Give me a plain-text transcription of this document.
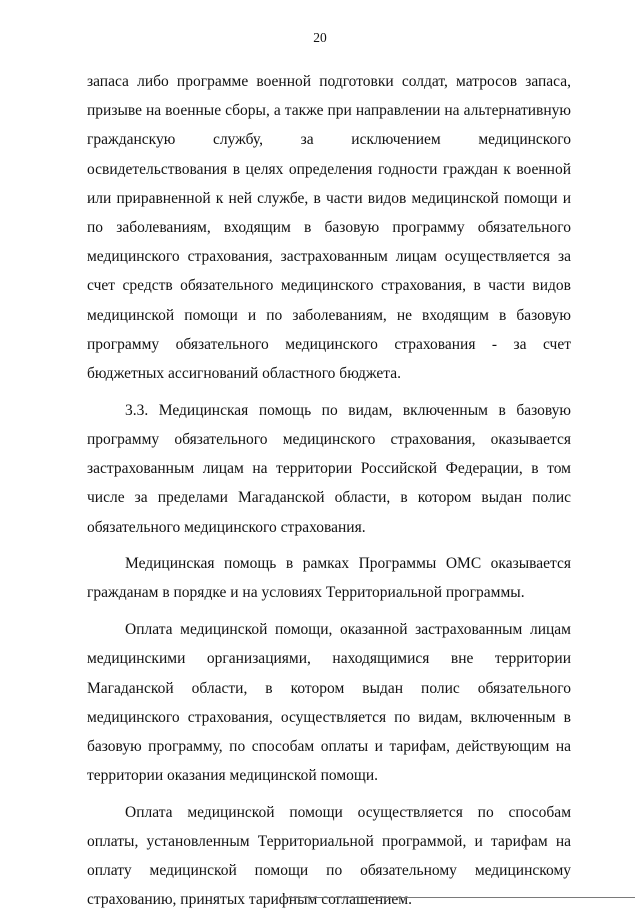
20

запаса либо программе военной подготовки солдат, матросов запаса, призыве на военные сборы, а также при направлении на альтернативную гражданскую службу, за исключением медицинского освидетельствования в целях определения годности граждан к военной или приравненной к ней службе, в части видов медицинской помощи и по заболеваниям, входящим в базовую программу обязательного медицинского страхования, застрахованным лицам осуществляется за счет средств обязательного медицинского страхования, в части видов медицинской помощи и по заболеваниям, не входящим в базовую программу обязательного медицинского страхования - за счет бюджетных ассигнований областного бюджета.

3.3. Медицинская помощь по видам, включенным в базовую программу обязательного медицинского страхования, оказывается застрахованным лицам на территории Российской Федерации, в том числе за пределами Магаданской области, в котором выдан полис обязательного медицинского страхования.

Медицинская помощь в рамках Программы ОМС оказывается гражданам в порядке и на условиях Территориальной программы.

Оплата медицинской помощи, оказанной застрахованным лицам медицинскими организациями, находящимися вне территории Магаданской области, в котором выдан полис обязательного медицинского страхования, осуществляется по видам, включенным в базовую программу, по способам оплаты и тарифам, действующим на территории оказания медицинской помощи.

Оплата медицинской помощи осуществляется по способам оплаты, установленным Территориальной программой, и тарифам на оплату медицинской помощи по обязательному медицинскому страхованию, принятых тарифным соглашением.
